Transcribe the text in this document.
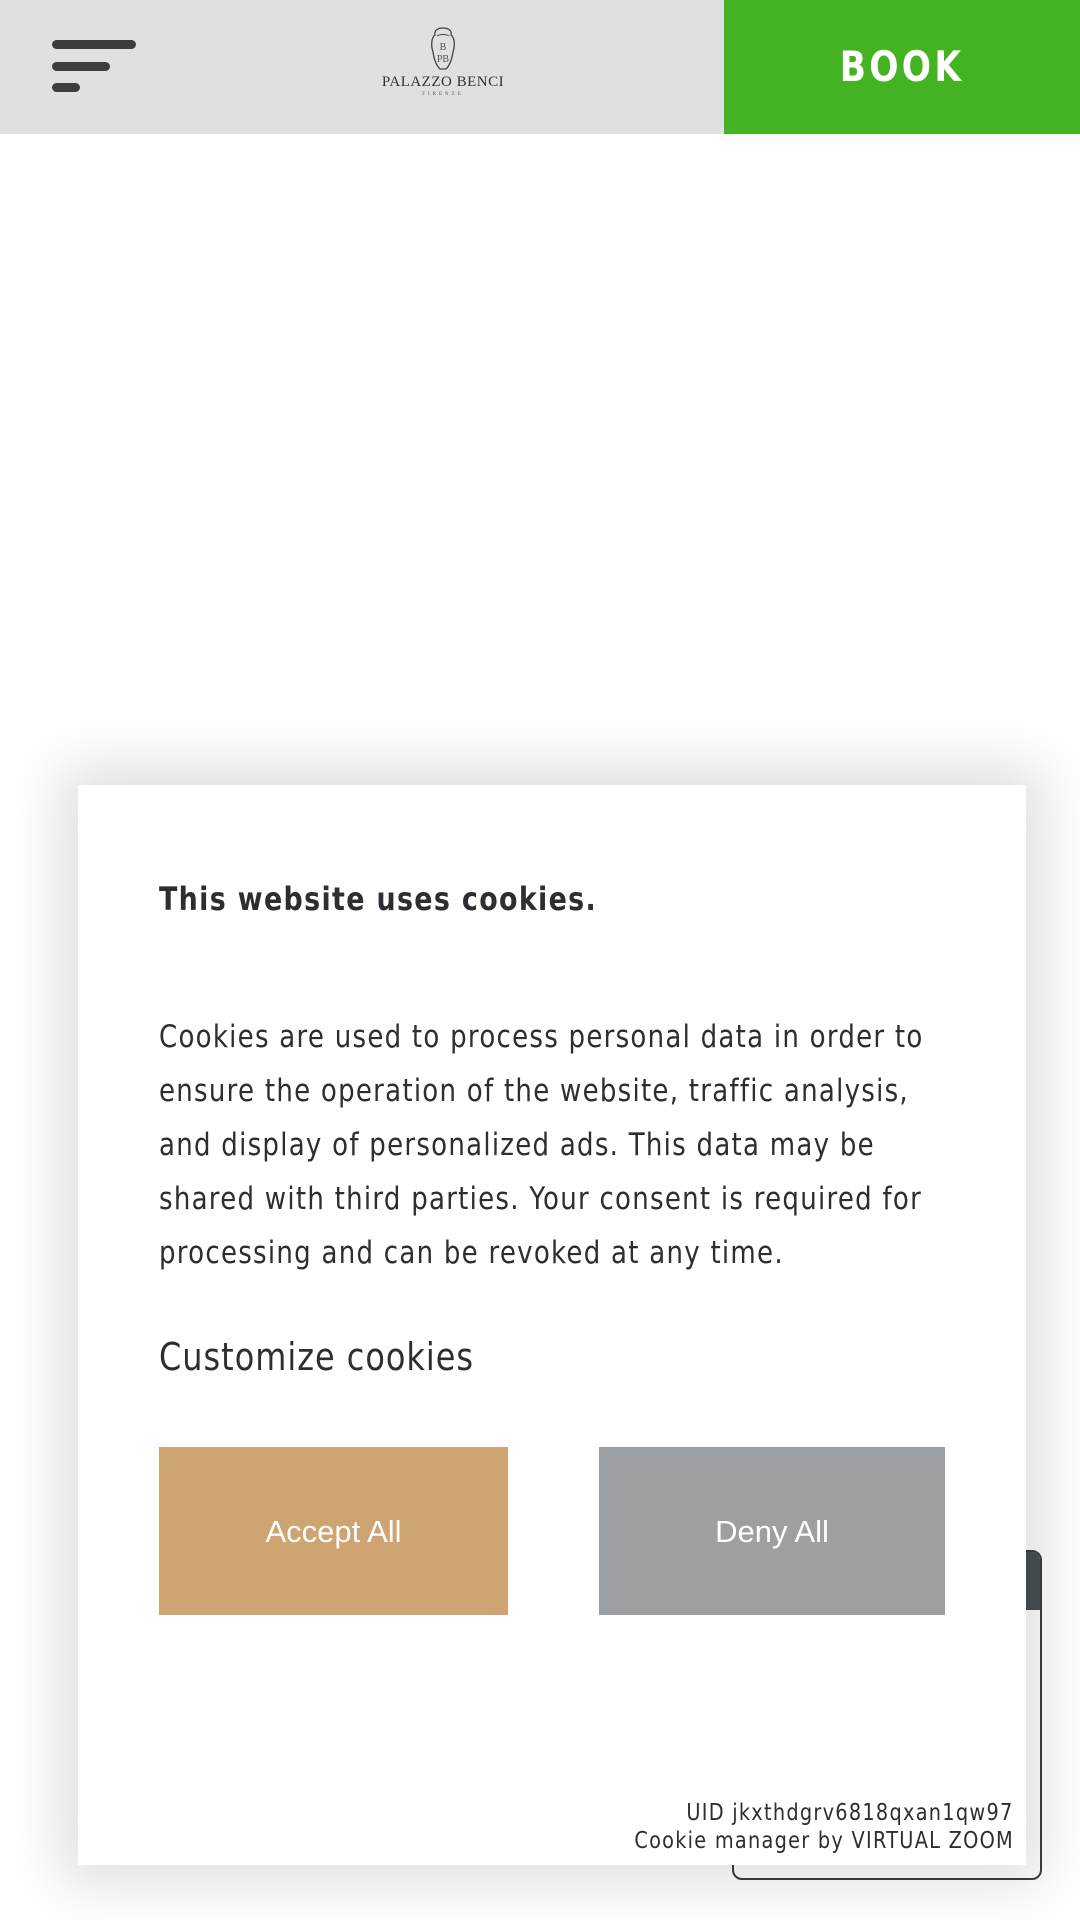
B
PB
PALAZZO BENCI
FIRENZE
BOOK ONLINE
This website uses cookies.
Cookies are used to process personal data in order to
ensure the operation of the website, traffic analysis,
and display of personalized ads. This data may be
shared with third parties. Your consent is required for
processing and can be revoked at any time.
Customize cookies
Accept All	Deny All
UID jkxthdgrv6818qxan1qw97
Cookie manager by VIRTUAL ZOOM
